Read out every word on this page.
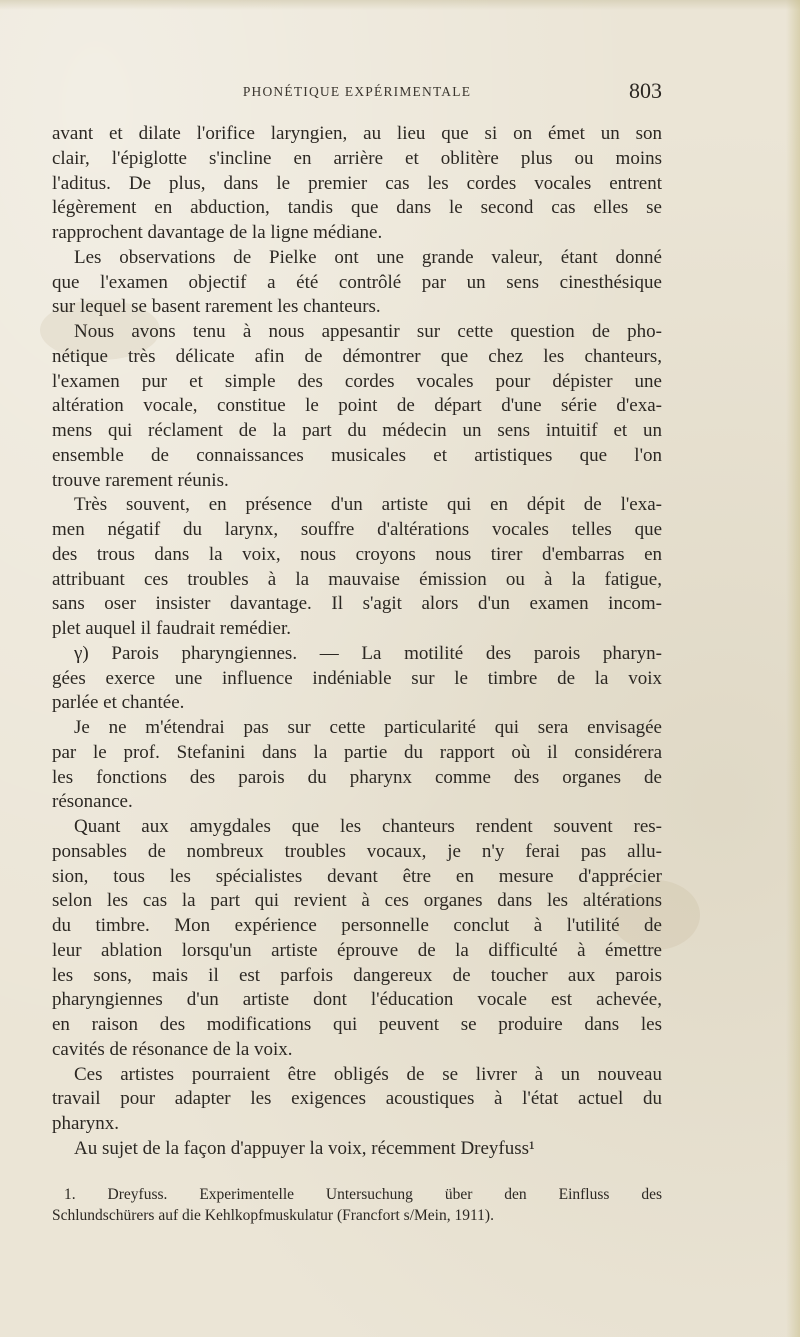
PHONÉTIQUE EXPÉRIMENTALE	803
avant et dilate l'orifice laryngien, au lieu que si on émet un son
clair, l'épiglotte s'incline en arrière et oblitère plus ou moins
l'aditus. De plus, dans le premier cas les cordes vocales entrent
légèrement en abduction, tandis que dans le second cas elles se
rapprochent davantage de la ligne médiane.
Les observations de Pielke ont une grande valeur, étant donné
que l'examen objectif a été contrôlé par un sens cinesthésique
sur lequel se basent rarement les chanteurs.
Nous avons tenu à nous appesantir sur cette question de pho-
nétique très délicate afin de démontrer que chez les chanteurs,
l'examen pur et simple des cordes vocales pour dépister une
altération vocale, constitue le point de départ d'une série d'exa-
mens qui réclament de la part du médecin un sens intuitif et un
ensemble de connaissances musicales et artistiques que l'on
trouve rarement réunis.
Très souvent, en présence d'un artiste qui en dépit de l'exa-
men négatif du larynx, souffre d'altérations vocales telles que
des trous dans la voix, nous croyons nous tirer d'embarras en
attribuant ces troubles à la mauvaise émission ou à la fatigue,
sans oser insister davantage. Il s'agit alors d'un examen incom-
plet auquel il faudrait remédier.
γ) Parois pharyngiennes. — La motilité des parois pharyn-
gées exerce une influence indéniable sur le timbre de la voix
parlée et chantée.
Je ne m'étendrai pas sur cette particularité qui sera envisagée
par le prof. Stefanini dans la partie du rapport où il considérera
les fonctions des parois du pharynx comme des organes de
résonance.
Quant aux amygdales que les chanteurs rendent souvent res-
ponsables de nombreux troubles vocaux, je n'y ferai pas allu-
sion, tous les spécialistes devant être en mesure d'apprécier
selon les cas la part qui revient à ces organes dans les altérations
du timbre. Mon expérience personnelle conclut à l'utilité de
leur ablation lorsqu'un artiste éprouve de la difficulté à émettre
les sons, mais il est parfois dangereux de toucher aux parois
pharyngiennes d'un artiste dont l'éducation vocale est achevée,
en raison des modifications qui peuvent se produire dans les
cavités de résonance de la voix.
Ces artistes pourraient être obligés de se livrer à un nouveau
travail pour adapter les exigences acoustiques à l'état actuel du
pharynx.
Au sujet de la façon d'appuyer la voix, récemment Dreyfuss¹
1. Dreyfuss. Experimentelle Untersuchung über den Einfluss des
Schlundschürers auf die Kehlkopfmuskulatur (Francfort s/Mein, 1911).
